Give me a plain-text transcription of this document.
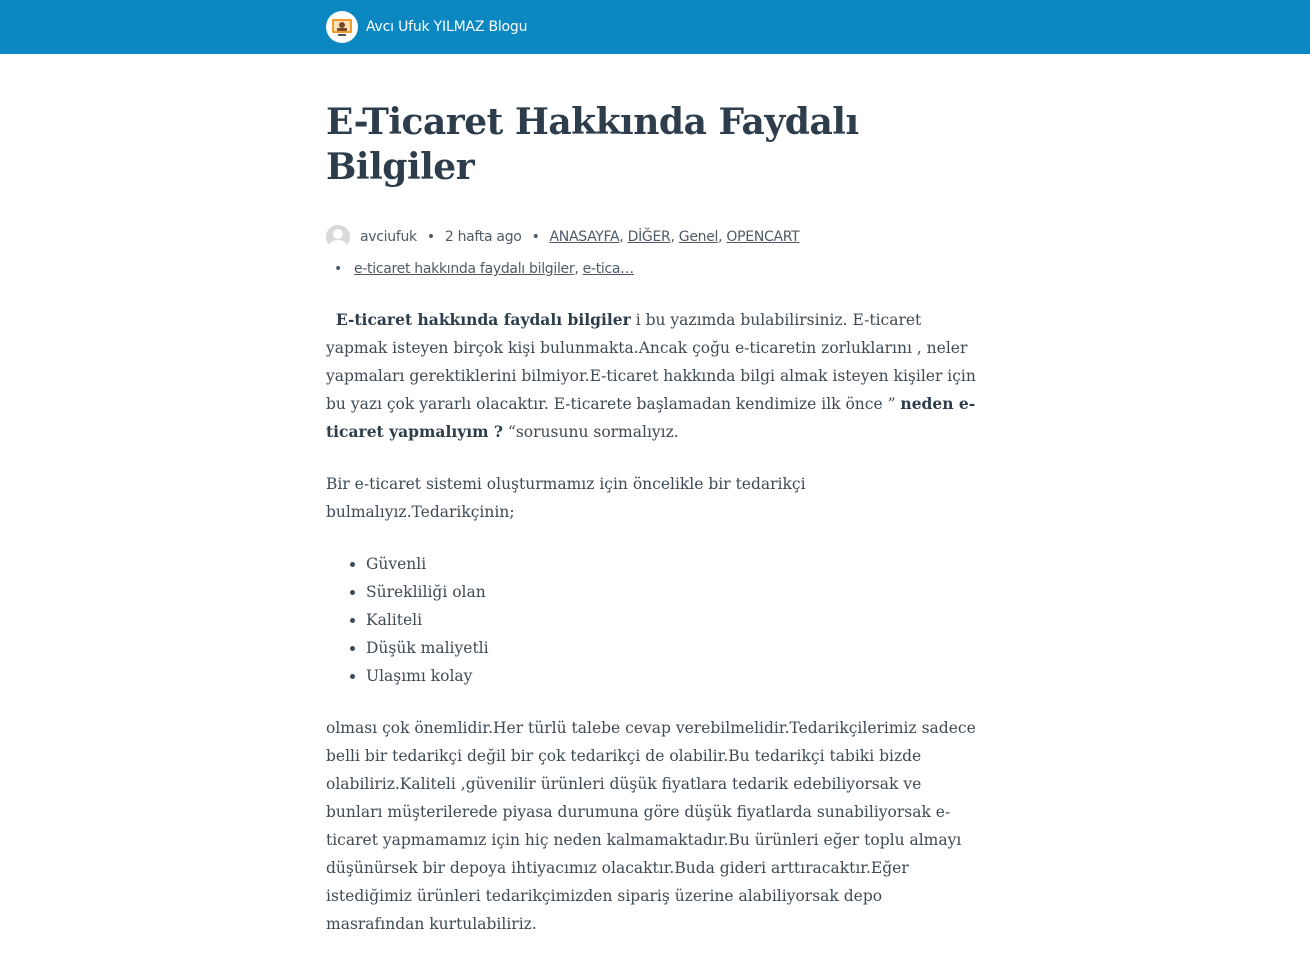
Avcı Ufuk YILMAZ Blogu
E-Ticaret Hakkında Faydalı Bilgiler
avciufuk • 2 hafta ago • ANASAYFA ,
DİĞER ,
Genel ,
OPENCART
• e-ticaret hakkında faydalı bilgiler ,
e-tica…

E-ticaret hakkında faydalı bilgiler i bu yazımda bulabilirsiniz. E-ticaret yapmak isteyen birçok kişi bulunmakta.Ancak çoğu e-ticaretin zorluklarını , neler yapmaları gerektiklerini bilmiyor.E-ticaret hakkında bilgi almak isteyen kişiler için bu yazı çok yararlı olacaktır. E-ticarete başlamadan kendimize ilk önce ” neden e-ticaret yapmalıyım ? “sorusunu sormalıyız.

Bir e-ticaret sistemi oluşturmamız için öncelikle bir tedarikçi bulmalıyız.Tedarikçinin;

• Güvenli
• Sürekliliği olan
• Kaliteli
• Düşük maliyetli
• Ulaşımı kolay

olması çok önemlidir.Her türlü talebe cevap verebilmelidir.Tedarikçilerimiz sadece belli bir tedarikçi değil bir çok tedarikçi de olabilir.Bu tedarikçi tabiki bizde olabiliriz.Kaliteli ,güvenilir ürünleri düşük fiyatlara tedarik edebiliyorsak ve bunları müşterilerede piyasa durumuna göre düşük fiyatlarda sunabiliyorsak e-ticaret yapmamamız için hiç neden kalmamaktadır.Bu ürünleri eğer toplu almayı düşünürsek bir depoya ihtiyacımız olacaktır.Buda gideri arttıracaktır.Eğer istediğimiz ürünleri tedarikçimizden sipariş üzerine alabiliyorsak depo masrafından kurtulabiliriz.
